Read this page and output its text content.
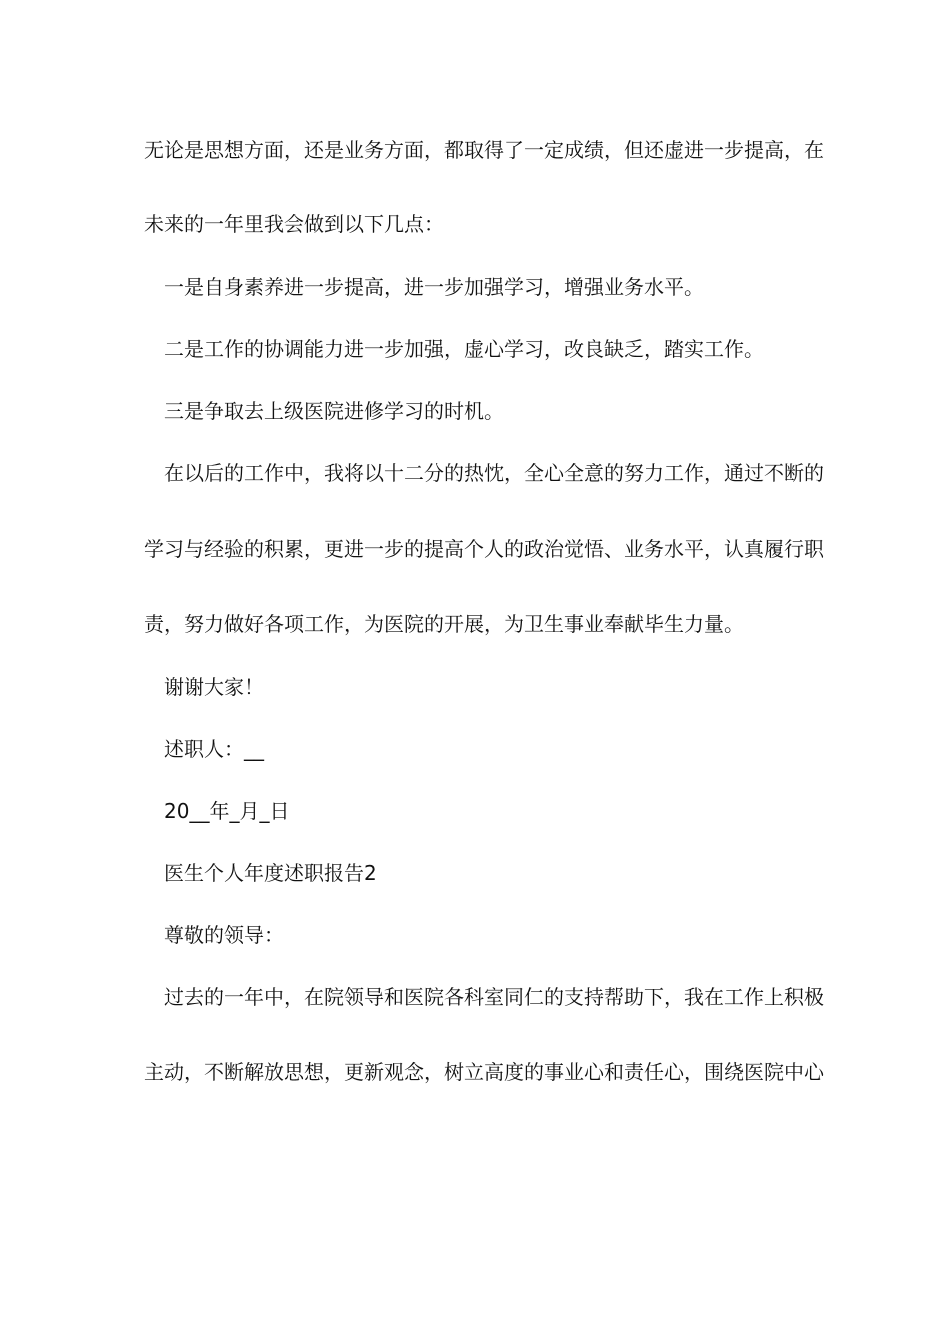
无论是思想方面，还是业务方面，都取得了一定成绩，但还虚进一步提高，在
未来的一年里我会做到以下几点：
一是自身素养进一步提高，进一步加强学习，增强业务水平。
二是工作的协调能力进一步加强，虚心学习，改良缺乏，踏实工作。
三是争取去上级医院进修学习的时机。
在以后的工作中，我将以十二分的热忱，全心全意的努力工作，通过不断的
学习与经验的积累，更进一步的提高个人的政治觉悟、业务水平，认真履行职
责，努力做好各项工作，为医院的开展，为卫生事业奉献毕生力量。
谢谢大家！
述职人：__
20__年_月_日
医生个人年度述职报告2
尊敬的领导：
过去的一年中，在院领导和医院各科室同仁的支持帮助下，我在工作上积极
主动，不断解放思想，更新观念，树立高度的事业心和责任心，围绕医院中心
